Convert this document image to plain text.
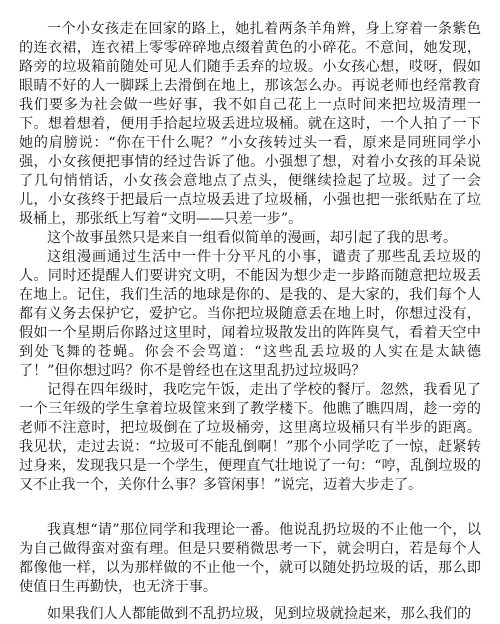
一个小女孩走在回家的路上，她扎着两条羊角辫，身上穿着一条紫色的连衣裙，连衣裙上零零碎碎地点缀着黄色的小碎花。不意间，她发现，路旁的垃圾箱前随处可见人们随手丢弃的垃圾。小女孩心想，哎呀，假如眼睛不好的人一脚踩上去滑倒在地上，那该怎么办。再说老师也经常教育我们要多为社会做一些好事，我不如自己花上一点时间来把垃圾清理一下。想着想着，便用手拾起垃圾丢进垃圾桶。就在这时，一个人拍了一下她的肩膀说：“你在干什么呢？”小女孩转过头一看，原来是同班同学小强，小女孩便把事情的经过告诉了他。小强想了想，对着小女孩的耳朵说了几句悄悄话，小女孩会意地点了点头，便继续捡起了垃圾。过了一会儿，小女孩终于把最后一点垃圾丢进了垃圾桶，小强也把一张纸贴在了垃圾桶上，那张纸上写着“文明——只差一步”。

这个故事虽然只是来自一组看似简单的漫画，却引起了我的思考。

这组漫画通过生活中一件十分平凡的小事，谴责了那些乱丢垃圾的人。同时还提醒人们要讲究文明，不能因为想少走一步路而随意把垃圾丢在地上。记住，我们生活的地球是你的、是我的、是大家的，我们每个人都有义务去保护它，爱护它。当你把垃圾随意丢在地上时，你想过没有，假如一个星期后你路过这里时，闻着垃圾散发出的阵阵臭气，看着天空中到处飞舞的苍蝇。你会不会骂道：“这些乱丢垃圾的人实在是太缺德了！”但你想过吗？你不是曾经也在这里乱扔过垃圾吗？

记得在四年级时，我吃完午饭，走出了学校的餐厅。忽然，我看见了一个三年级的学生拿着垃圾筐来到了教学楼下。他瞧了瞧四周，趁一旁的老师不注意时，把垃圾倒在了垃圾桶旁，这里离垃圾桶只有半步的距离。我见状，走过去说：“垃圾可不能乱倒啊！”那个小同学吃了一惊，赶紧转过身来，发现我只是一个学生，便理直气壮地说了一句：“哼，乱倒垃圾的又不止我一个，关你什么事？多管闲事！”说完，迈着大步走了。

我真想“请”那位同学和我理论一番。他说乱扔垃圾的不止他一个，以为自己做得蛮对蛮有理。但是只要稍微思考一下，就会明白，若是每个人都像他一样，以为那样做的不止他一个，就可以随处扔垃圾的话，那么即使值日生再勤快，也无济于事。

如果我们人人都能做到不乱扔垃圾，见到垃圾就捡起来，那么我们的
